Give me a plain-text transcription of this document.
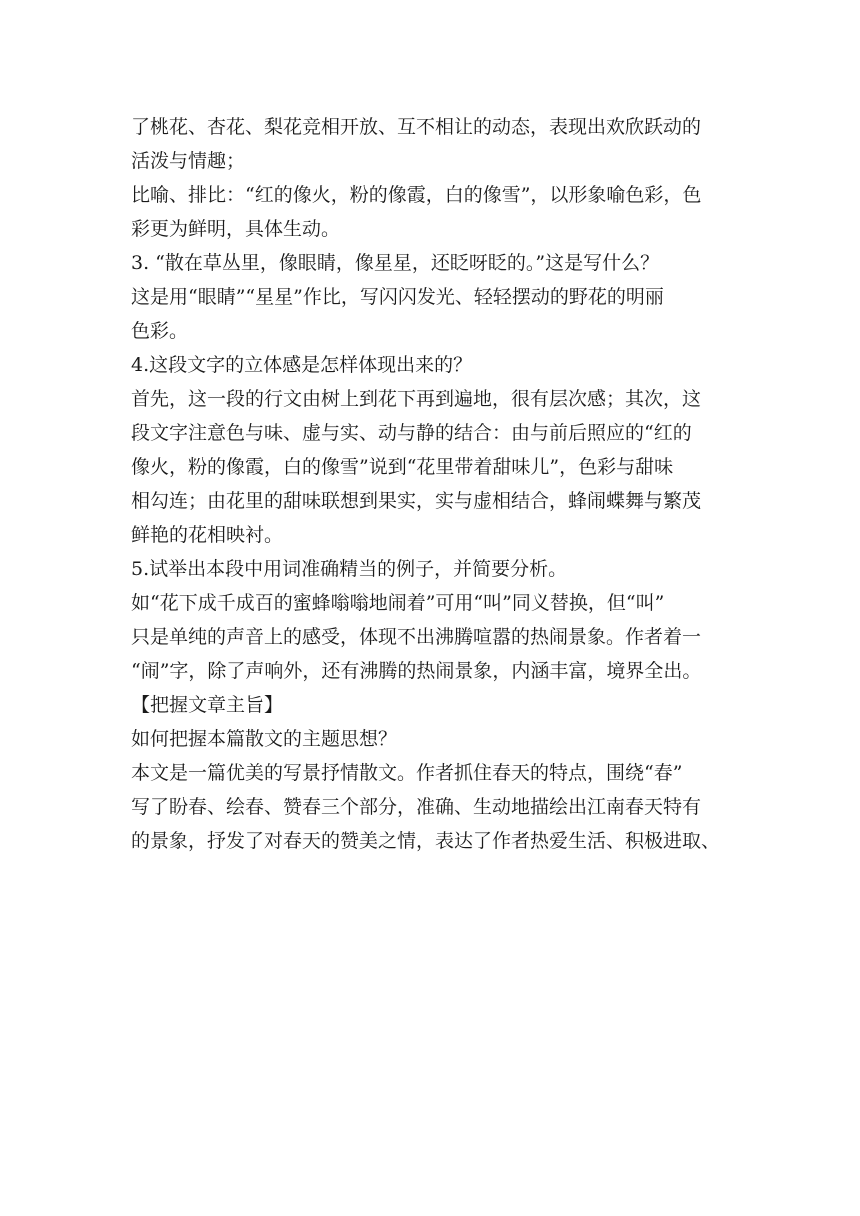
了桃花、杏花、梨花竞相开放、互不相让的动态，表现出欢欣跃动的
活泼与情趣；
比喻、排比：“红的像火，粉的像霞，白的像雪”，以形象喻色彩，色
彩更为鲜明，具体生动。
3. “散在草丛里，像眼睛，像星星，还眨呀眨的。”这是写什么？
这是用“眼睛”“星星”作比，写闪闪发光、轻轻摆动的野花的明丽
色彩。
4.这段文字的立体感是怎样体现出来的？
首先，这一段的行文由树上到花下再到遍地，很有层次感；其次，这
段文字注意色与味、虚与实、动与静的结合：由与前后照应的“红的
像火，粉的像霞，白的像雪”说到“花里带着甜味儿”，色彩与甜味
相勾连；由花里的甜味联想到果实，实与虚相结合，蜂闹蝶舞与繁茂
鲜艳的花相映衬。
5.试举出本段中用词准确精当的例子，并简要分析。
如“花下成千成百的蜜蜂嗡嗡地闹着”可用“叫”同义替换，但“叫”
只是单纯的声音上的感受，体现不出沸腾喧嚣的热闹景象。作者着一
“闹”字，除了声响外，还有沸腾的热闹景象，内涵丰富，境界全出。
【把握文章主旨】
如何把握本篇散文的主题思想？
本文是一篇优美的写景抒情散文。作者抓住春天的特点，围绕“春”
写了盼春、绘春、赞春三个部分，准确、生动地描绘出江南春天特有
的景象，抒发了对春天的赞美之情，表达了作者热爱生活、积极进取、
